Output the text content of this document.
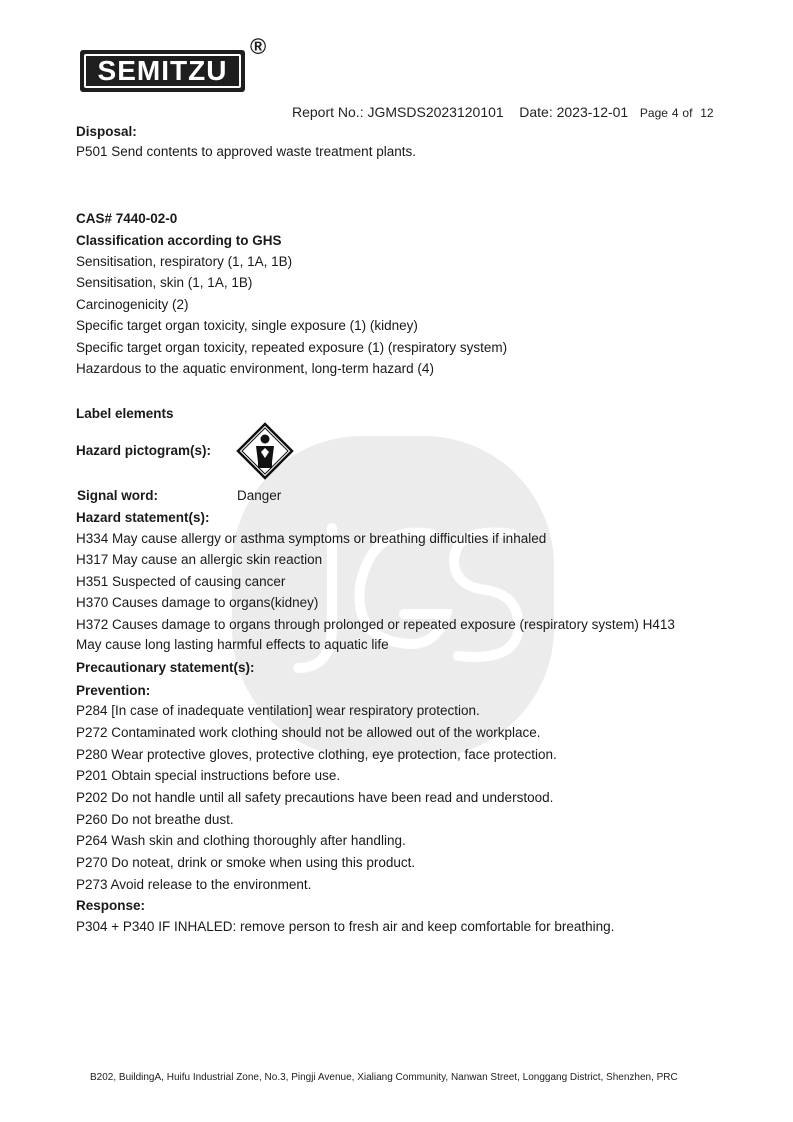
SEMITZU
®
Report No.: JGMSDS2023120101 Date: 2023-12-01 Page 4 of 12
Disposal:
P501 Send contents to approved waste treatment plants.
CAS# 7440-02-0
Classification according to GHS
Sensitisation, respiratory (1, 1A, 1B)
Sensitisation, skin (1, 1A, 1B)
Carcinogenicity (2)
Specific target organ toxicity, single exposure (1) (kidney)
Specific target organ toxicity, repeated exposure (1) (respiratory system)
Hazardous to the aquatic environment, long-term hazard (4)
Label elements
Hazard pictogram(s):
Signal word:
Hazard statement(s):
H334 May cause allergy or asthma symptoms or breathing difficulties if inhaled
H317 May cause an allergic skin reaction
H351 Suspected of causing cancer
H370 Causes damage to organs(kidney)
H372 Causes damage to organs through prolonged or repeated exposure (respiratory system) H413
May cause long lasting harmful effects to aquatic life
Precautionary statement(s):
Prevention:
P284 [In case of inadequate ventilation] wear respiratory protection.
P272 Contaminated work clothing should not be allowed out of the workplace.
P280 Wear protective gloves, protective clothing, eye protection, face protection.
P201 Obtain special instructions before use.
P202 Do not handle until all safety precautions have been read and understood.
P260 Do not breathe dust.
P264 Wash skin and clothing thoroughly after handling.
P270 Do noteat, drink or smoke when using this product.
P273 Avoid release to the environment.
Response:
P304 + P340 IF INHALED: remove person to fresh air and keep comfortable for breathing.
Danger
B202, BuildingA, Huifu Industrial Zone, No.3, Pingji Avenue, Xialiang Community, Nanwan Street, Longgang District, Shenzhen, PRC
